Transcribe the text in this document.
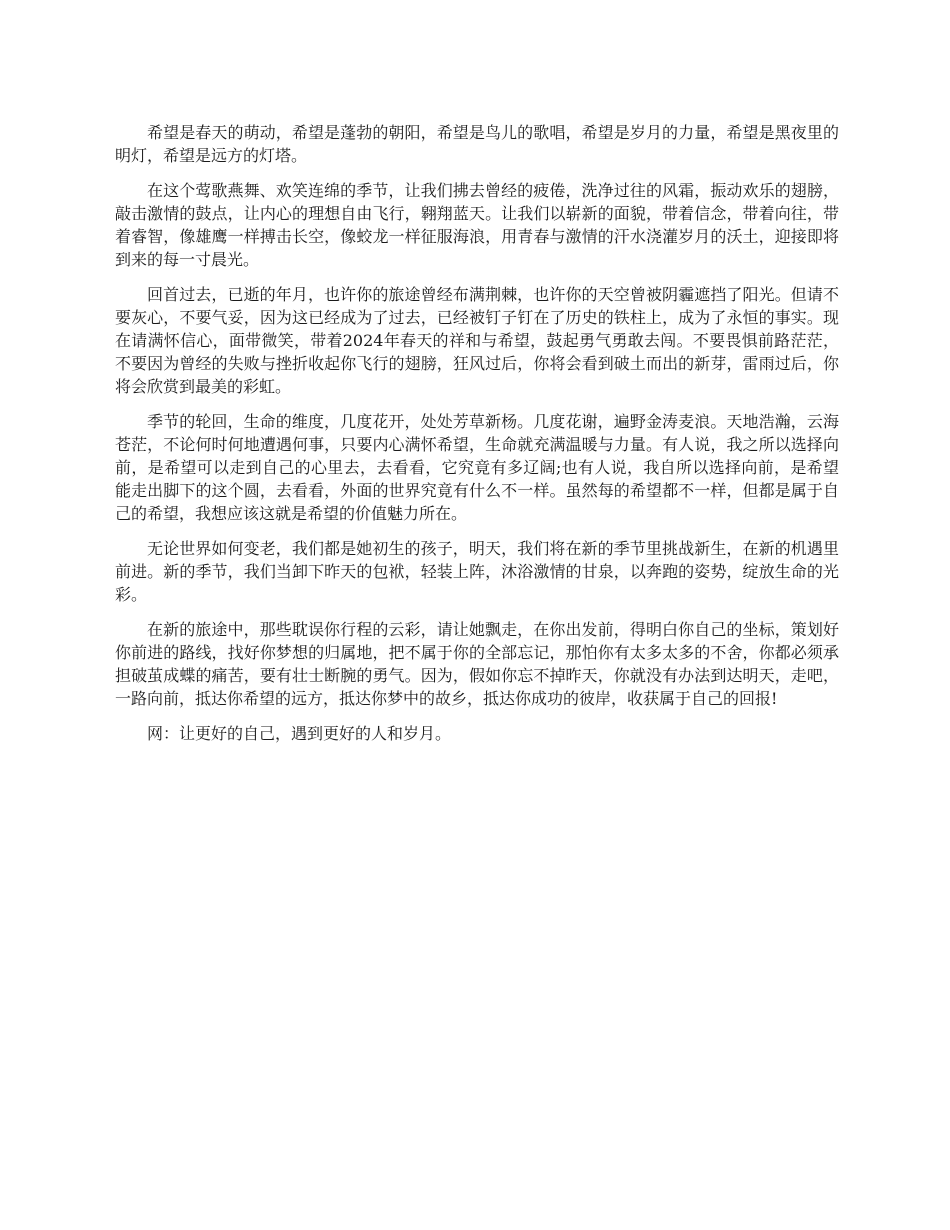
希望是春天的萌动，希望是蓬勃的朝阳，希望是鸟儿的歌唱，希望是岁月的力量，希望是黑夜里的明灯，希望是远方的灯塔。

在这个莺歌燕舞、欢笑连绵的季节，让我们拂去曾经的疲倦，洗净过往的风霜，振动欢乐的翅膀，敲击激情的鼓点，让内心的理想自由飞行，翱翔蓝天。让我们以崭新的面貌，带着信念，带着向往，带着睿智，像雄鹰一样搏击长空，像蛟龙一样征服海浪，用青春与激情的汗水浇灌岁月的沃土，迎接即将到来的每一寸晨光。

回首过去，已逝的年月，也许你的旅途曾经布满荆棘，也许你的天空曾被阴霾遮挡了阳光。但请不要灰心，不要气妥，因为这已经成为了过去，已经被钉子钉在了历史的铁柱上，成为了永恒的事实。现在请满怀信心，面带微笑，带着2024年春天的祥和与希望，鼓起勇气勇敢去闯。不要畏惧前路茫茫，不要因为曾经的失败与挫折收起你飞行的翅膀，狂风过后，你将会看到破土而出的新芽，雷雨过后，你将会欣赏到最美的彩虹。

季节的轮回，生命的维度，几度花开，处处芳草新杨。几度花谢，遍野金涛麦浪。天地浩瀚，云海苍茫，不论何时何地遭遇何事，只要内心满怀希望，生命就充满温暖与力量。有人说，我之所以选择向前，是希望可以走到自己的心里去，去看看，它究竟有多辽阔;也有人说，我自所以选择向前，是希望能走出脚下的这个圆，去看看，外面的世界究竟有什么不一样。虽然每的希望都不一样，但都是属于自己的希望，我想应该这就是希望的价值魅力所在。

无论世界如何变老，我们都是她初生的孩子，明天，我们将在新的季节里挑战新生，在新的机遇里前进。新的季节，我们当卸下昨天的包袱，轻装上阵，沐浴激情的甘泉，以奔跑的姿势，绽放生命的光彩。

在新的旅途中，那些耽误你行程的云彩，请让她飘走，在你出发前，得明白你自己的坐标，策划好你前进的路线，找好你梦想的归属地，把不属于你的全部忘记，那怕你有太多太多的不舍，你都必须承担破茧成蝶的痛苦，要有壮士断腕的勇气。因为，假如你忘不掉昨天，你就没有办法到达明天，走吧，一路向前，抵达你希望的远方，抵达你梦中的故乡，抵达你成功的彼岸，收获属于自己的回报!

网：让更好的自己，遇到更好的人和岁月。
